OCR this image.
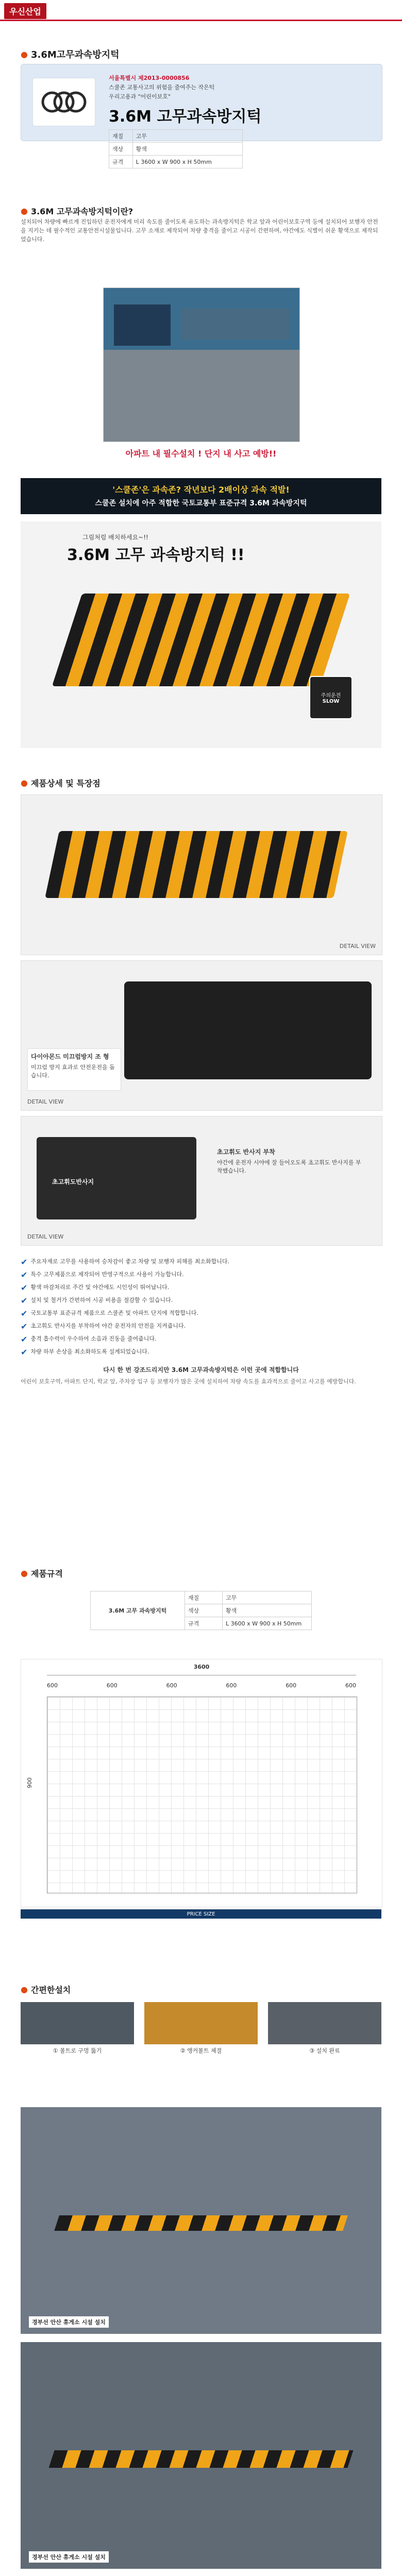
우신산업
● 3.6M고무과속방지턱
서울특별시 제2013-0000856
스쿨존 교통사고의 위험을 줄여주는 작은턱
우리고용과 "어린이보호"
3.6M 고무과속방지턱
재질	고무
색상	황색
규격	L 3600 x W 900 x H 50mm
● 3.6M 고무과속방지턱이란?
설치되어 차량에 빠르게 진입하던 운전자에게 미리 속도를 줄이도록 유도하는 과속방지턱은 학교 앞과 어린이보호구역 등에 설치되어 보행자 안전을 지키는 데 필수적인 교통안전시설물입니다. 고무 소재로 제작되어 차량 충격을 줄이고 시공이 간편하며, 야간에도 식별이 쉬운 황색으로 제작되었습니다.
아파트 내 필수설치 ! 단지 내 사고 예방!!
'스쿨존'은 과속존? 작년보다 2배이상 과속 적발!
스쿨존 설치에 아주 적합한 국토교통부 표준규격 3.6M 과속방지턱
그림처럼 배치하세요~!!
3.6M 고무 과속방지턱 !!
주의운전
SLOW
● 제품상세 및 특장점
DETAIL VIEW
다이아몬드 미끄럼방지 조 형
미끄럼 방지 효과로 안전운전을 돕습니다.
DETAIL VIEW
초고휘도반사지
초고휘도 반사지 부착
야간에 운전자 시야에 잘 들어오도록 초고휘도 반사지를 부착했습니다.
DETAIL VIEW
✔ 주요자재로 고무를 사용하여 승차감이 좋고 차량 및 보행자 피해를 최소화합니다.
✔ 특수 고무제품으로 제작되어 반영구적으로 사용이 가능합니다.
✔ 황색 마감처리로 주간 및 야간에도 시인성이 뛰어납니다.
✔ 설치 및 철거가 간편하여 시공 비용을 절감할 수 있습니다.
✔ 국토교통부 표준규격 제품으로 스쿨존 및 아파트 단지에 적합합니다.
✔ 초고휘도 반사지를 부착하여 야간 운전자의 안전을 지켜줍니다.
✔ 충격 흡수력이 우수하여 소음과 진동을 줄여줍니다.
✔ 차량 하부 손상을 최소화하도록 설계되었습니다.
다시 한 번 강조드리지만 3.6M 고무과속방지턱은 이런 곳에 적합합니다
어린이 보호구역, 아파트 단지, 학교 앞, 주차장 입구 등 보행자가 많은 곳에 설치하여 차량 속도를 효과적으로 줄이고 사고를 예방합니다.
● 제품규격
3.6M 고무 과속방지턱	재질	고무
	색상	황색
	규격	L 3600 x W 900 x H 50mm
3600
600	600	600	600	600	600
900
PRICE SIZE
● 간편한설치
① 볼트로 구멍 뚫기	② 앵커볼트 체결	③ 설치 완료
경부선 안산 휴게소 시설 설치
경부선 안산 휴게소 시설 설치
